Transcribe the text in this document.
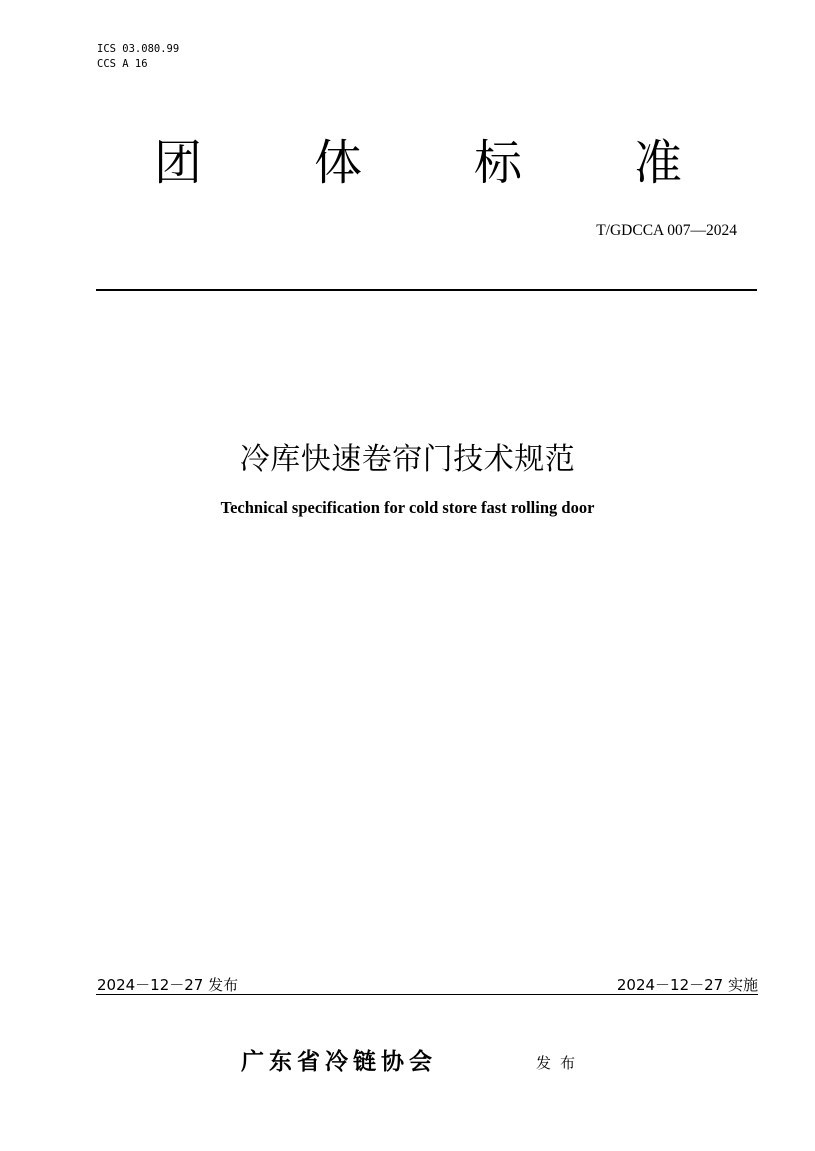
ICS 03.080.99
CCS A 16
团 体 标 准
T/GDCCA 007—2024
冷库快速卷帘门技术规范
Technical specification for cold store fast rolling door
2024－12－27 发布	2024－12－27 实施
广东省冷链协会	发布
